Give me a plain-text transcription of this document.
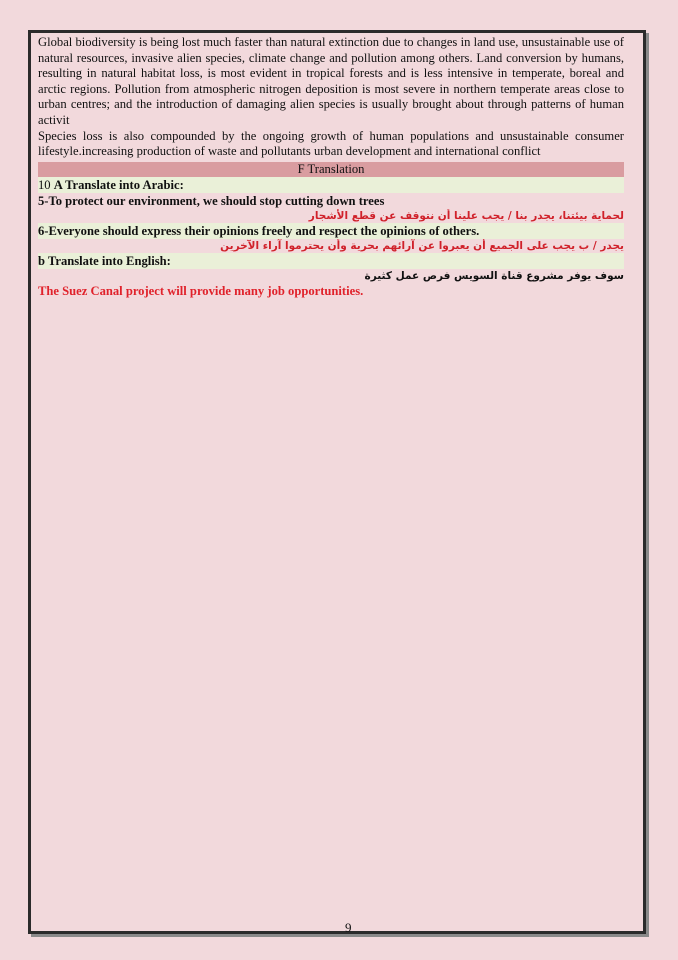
Global biodiversity is being lost much faster than natural extinction due to changes in land use, unsustainable use of natural resources, invasive alien species, climate change and pollution among others. Land conversion by humans, resulting in natural habitat loss, is most evident in tropical forests and is less intensive in temperate, boreal and arctic regions. Pollution from atmospheric nitrogen deposition is most severe in northern temperate areas close to urban centres; and the introduction of damaging alien species is usually brought about through patterns of human activit

Species loss is also compounded by the ongoing growth of human populations and unsustainable consumer lifestyle.increasing production of waste and pollutants urban development and international conflict

F Translation
10 A Translate into Arabic:
5-To protect our environment, we should stop cutting down trees
لحماية بيئتنا، يجدر بنا / يجب علينا أن نتوقف عن قطع الأشجار
6-Everyone should express their opinions freely and respect the opinions of others.
يجدر / ب يجب على الجميع أن يعبروا عن آرائهم بحرية وأن يحترموا آراء الآخرين
b Translate into English:
سوف يوفر مشروع قناة السويس فرص عمل كثيرة
The Suez Canal project will provide many job opportunities.
9
